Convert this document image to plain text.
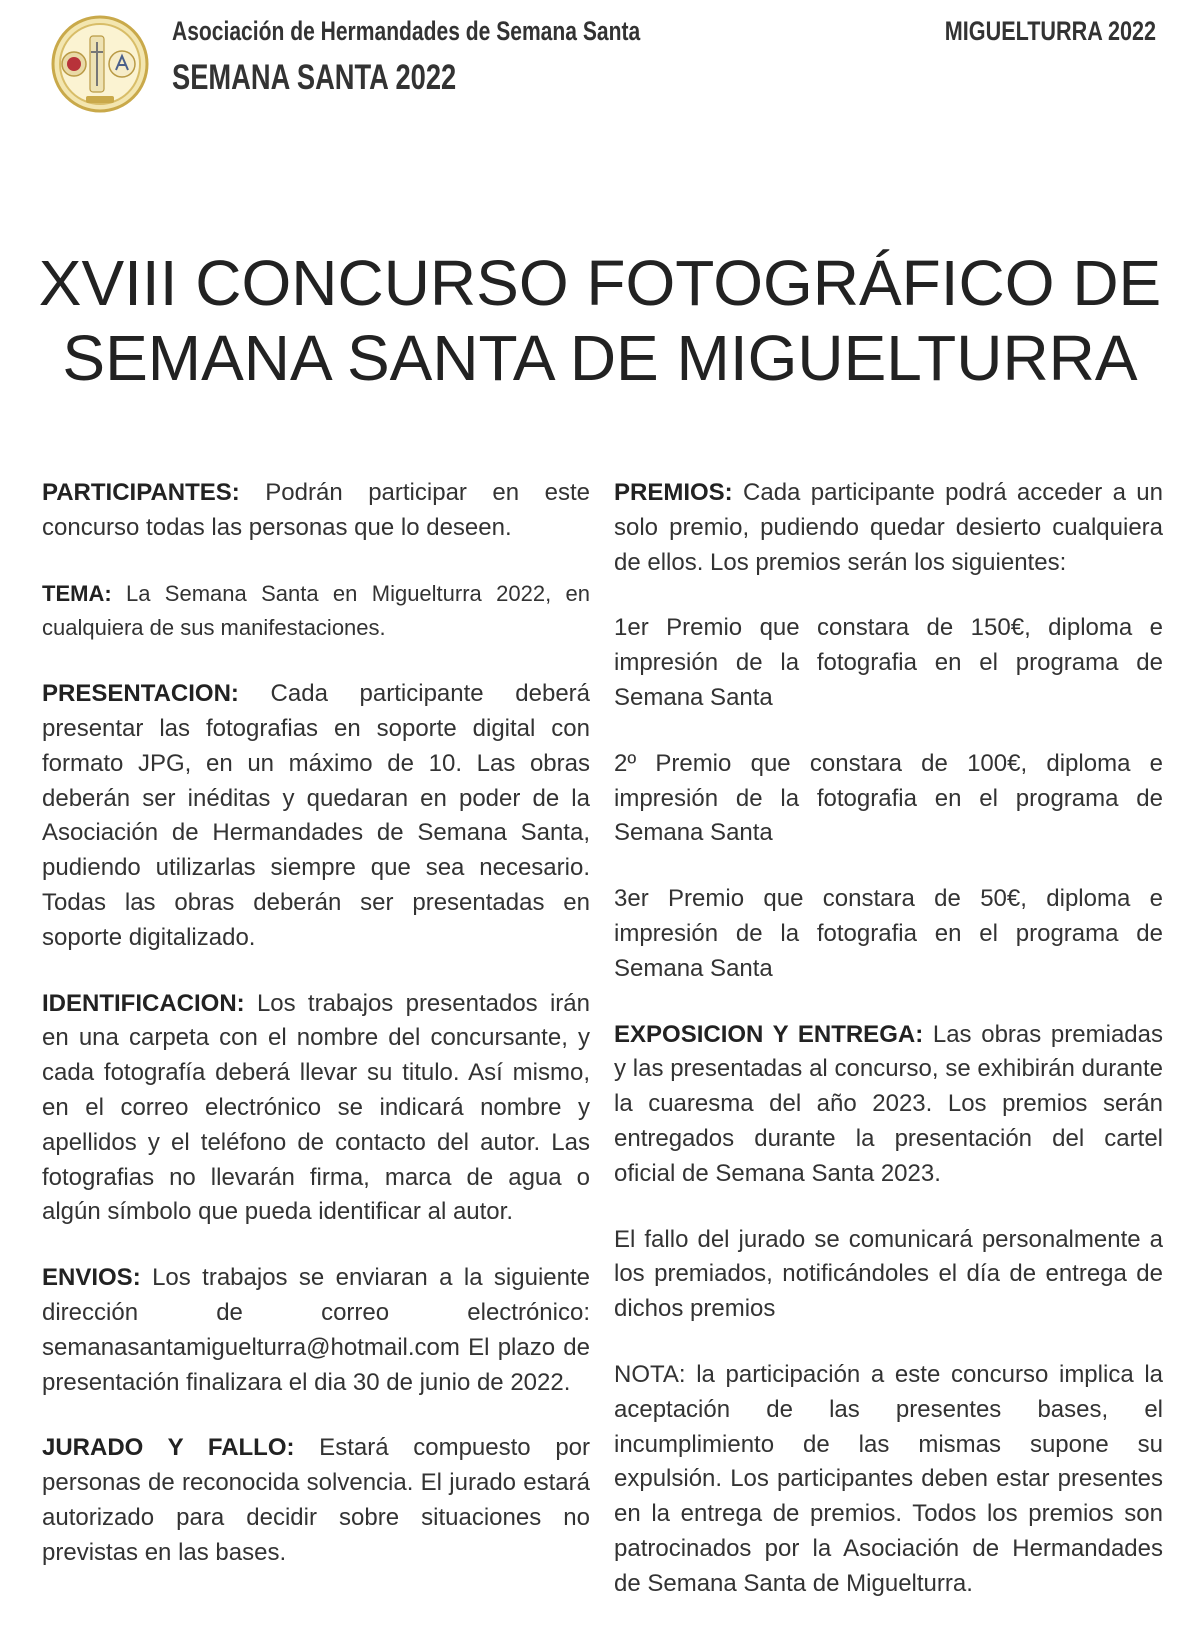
Asociación de Hermandades de Semana Santa
SEMANA SANTA 2022
MIGUELTURRA 2022
XVIII CONCURSO FOTOGRÁFICO DE
SEMANA SANTA DE MIGUELTURRA

PARTICIPANTES: Podrán participar en este concurso todas las personas que lo deseen.

TEMA: La Semana Santa en Miguelturra 2022, en cualquiera de sus manifestaciones.

PRESENTACION: Cada participante deberá presentar las fotografias en soporte digital con formato JPG, en un máximo de 10. Las obras deberán ser inéditas y quedaran en poder de la Asociación de Hermandades de Semana Santa, pudiendo utilizarlas siempre que sea necesario. Todas las obras deberán ser presentadas en soporte digitalizado.

IDENTIFICACION: Los trabajos presentados irán en una carpeta con el nombre del concursante, y cada fotografía deberá llevar su titulo. Así mismo, en el correo electrónico se indicará nombre y apellidos y el teléfono de contacto del autor. Las fotografias no llevarán firma, marca de agua o algún símbolo que pueda identificar al autor.

ENVIOS: Los trabajos se enviaran a la siguiente dirección de correo electrónico: semanasantamiguelturra@hotmail.com El plazo de presentación finalizara el dia 30 de junio de 2022.

JURADO Y FALLO: Estará compuesto por personas de reconocida solvencia. El jurado estará autorizado para decidir sobre situaciones no previstas en las bases.

PREMIOS: Cada participante podrá acceder a un solo premio, pudiendo quedar desierto cualquiera de ellos. Los premios serán los siguientes:

1er Premio que constara de 150€, diploma e impresión de la fotografia en el programa de Semana Santa

2º Premio que constara de 100€, diploma e impresión de la fotografia en el programa de Semana Santa

3er Premio que constara de 50€, diploma e impresión de la fotografia en el programa de Semana Santa

EXPOSICION Y ENTREGA: Las obras premiadas y las presentadas al concurso, se exhibirán durante la cuaresma del año 2023. Los premios serán entregados durante la presentación del cartel oficial de Semana Santa 2023.

El fallo del jurado se comunicará personalmente a los premiados, notificándoles el día de entrega de dichos premios

NOTA: la participación a este concurso implica la aceptación de las presentes bases, el incumplimiento de las mismas supone su expulsión. Los participantes deben estar presentes en la entrega de premios. Todos los premios son patrocinados por la Asociación de Hermandades de Semana Santa de Miguelturra.
